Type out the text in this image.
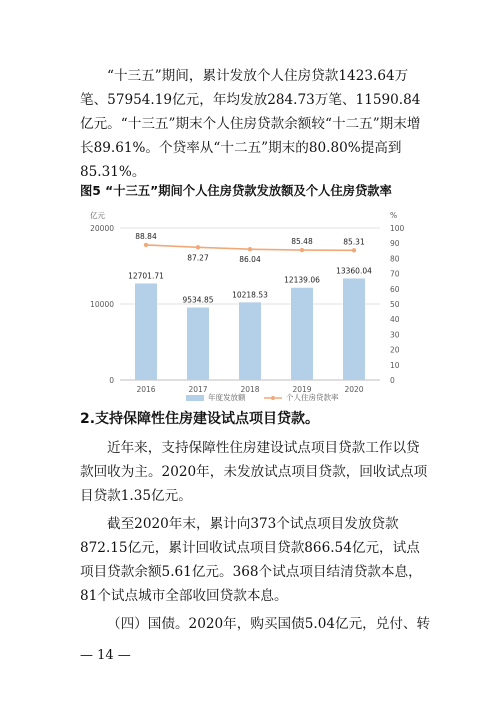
“十三五”期间，累计发放个人住房贷款1423.64万笔、57954.19亿元，年均发放284.73万笔、11590.84亿元。“十三五”期末个人住房贷款余额较“十二五”期末增长89.61%。个贷率从“十二五”期末的80.80%提高到85.31%。

图5 “十三五”期间个人住房贷款发放额及个人住房贷款率

0
10000
20000
0
10
20
30
40
50
60
70
80
90
100
亿元	%
12701.71
2016
9534.85
2017
10218.53
2018
12139.06
2019
13360.04
2020
88.84
87.27	86.04
85.48	85.31
年度发放额	个人住房贷款率

2.支持保障性住房建设试点项目贷款。

近年来，支持保障性住房建设试点项目贷款工作以贷款回收为主。2020年，未发放试点项目贷款，回收试点项目贷款1.35亿元。

截至2020年末，累计向373个试点项目发放贷款872.15亿元，累计回收试点项目贷款866.54亿元，试点项目贷款余额5.61亿元。368个试点项目结清贷款本息，81个试点城市全部收回贷款本息。

（四）国债。2020年，购买国债5.04亿元，兑付、转

— 14 —
